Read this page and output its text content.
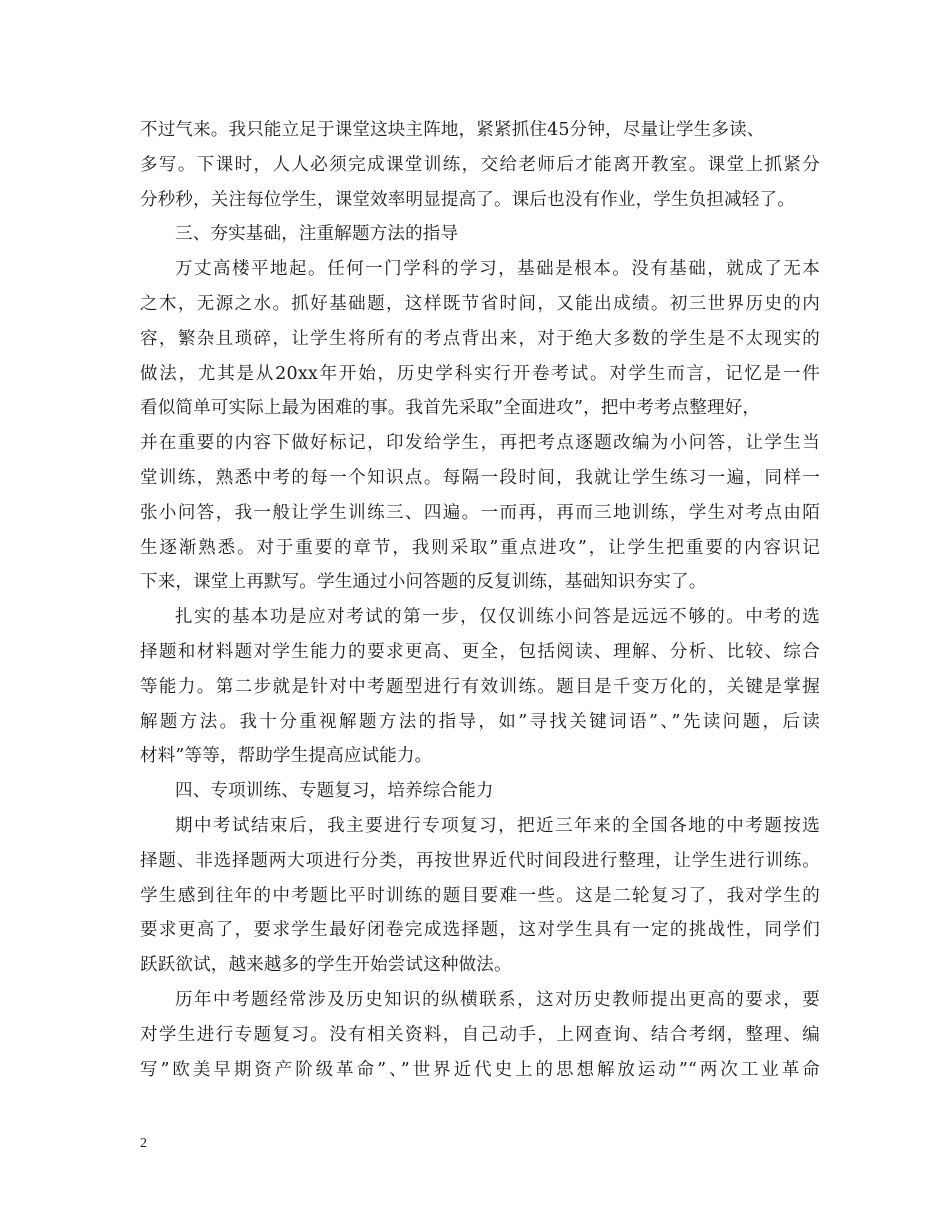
不过气来。我只能立足于课堂这块主阵地，紧紧抓住45分钟，尽量让学生多读、
多写。下课时，人人必须完成课堂训练，交给老师后才能离开教室。课堂上抓紧分
分秒秒，关注每位学生，课堂效率明显提高了。课后也没有作业，学生负担减轻了。
三、夯实基础，注重解题方法的指导
万丈高楼平地起。任何一门学科的学习，基础是根本。没有基础，就成了无本
之木，无源之水。抓好基础题，这样既节省时间，又能出成绩。初三世界历史的内
容，繁杂且琐碎，让学生将所有的考点背出来，对于绝大多数的学生是不太现实的
做法，尤其是从20xx年开始，历史学科实行开卷考试。对学生而言，记忆是一件
看似简单可实际上最为困难的事。我首先采取”全面进攻”，把中考考点整理好，
并在重要的内容下做好标记，印发给学生，再把考点逐题改编为小问答，让学生当
堂训练，熟悉中考的每一个知识点。每隔一段时间，我就让学生练习一遍，同样一
张小问答，我一般让学生训练三、四遍。一而再，再而三地训练，学生对考点由陌
生逐渐熟悉。对于重要的章节，我则采取”重点进攻”，让学生把重要的内容识记
下来，课堂上再默写。学生通过小问答题的反复训练，基础知识夯实了。
扎实的基本功是应对考试的第一步，仅仅训练小问答是远远不够的。中考的选
择题和材料题对学生能力的要求更高、更全，包括阅读、理解、分析、比较、综合
等能力。第二步就是针对中考题型进行有效训练。题目是千变万化的，关键是掌握
解题方法。我十分重视解题方法的指导，如”寻找关键词语”、”先读问题，后读
材料”等等，帮助学生提高应试能力。
四、专项训练、专题复习，培养综合能力
期中考试结束后，我主要进行专项复习，把近三年来的全国各地的中考题按选
择题、非选择题两大项进行分类，再按世界近代时间段进行整理，让学生进行训练。
学生感到往年的中考题比平时训练的题目要难一些。这是二轮复习了，我对学生的
要求更高了，要求学生最好闭卷完成选择题，这对学生具有一定的挑战性，同学们
跃跃欲试，越来越多的学生开始尝试这种做法。
历年中考题经常涉及历史知识的纵横联系，这对历史教师提出更高的要求，要
对学生进行专题复习。没有相关资料，自己动手，上网查询、结合考纲，整理、编
写”欧美早期资产阶级革命”、”世界近代史上的思想解放运动”“两次工业革命
2
